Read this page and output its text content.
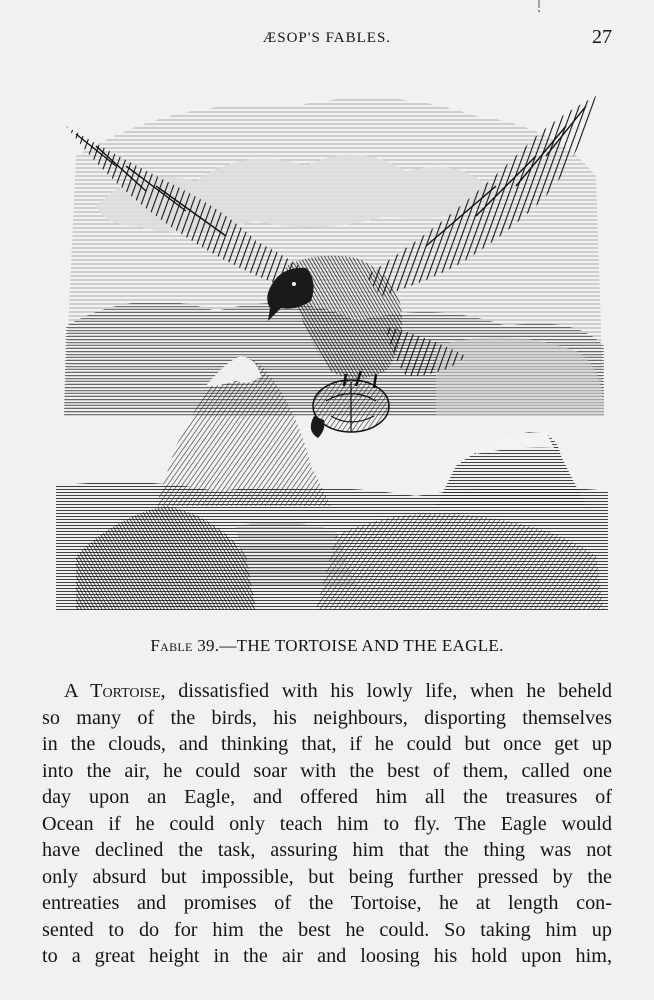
ÆSOP'S FABLES.	27
Fable 39.—THE TORTOISE AND THE EAGLE.
A Tortoise, dissatisfied with his lowly life, when he beheld
so many of the birds, his neighbours, disporting themselves
in the clouds, and thinking that, if he could but once get up
into the air, he could soar with the best of them, called one
day upon an Eagle, and offered him all the treasures of
Ocean if he could only teach him to fly. The Eagle would
have declined the task, assuring him that the thing was not
only absurd but impossible, but being further pressed by the
entreaties and promises of the Tortoise, he at length con-
sented to do for him the best he could. So taking him up
to a great height in the air and loosing his hold upon him,
